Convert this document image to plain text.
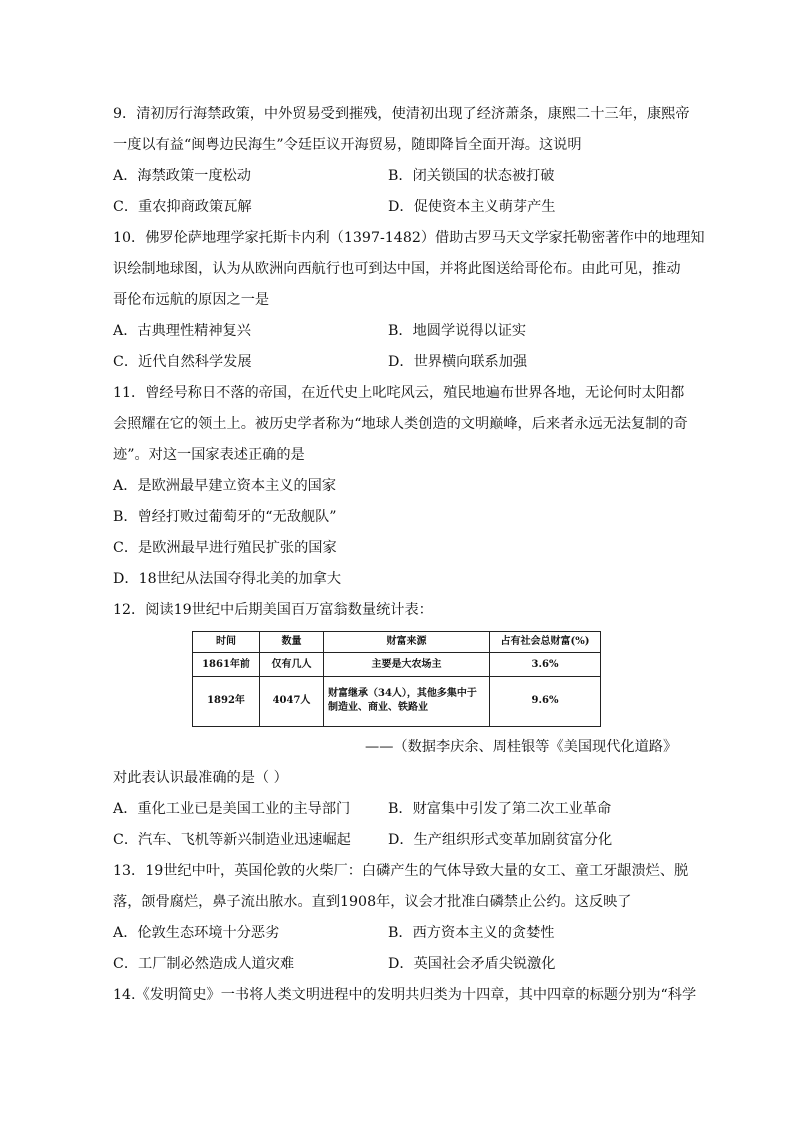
9．清初厉行海禁政策，中外贸易受到摧残，使清初出现了经济萧条，康熙二十三年，康熙帝
一度以有益“闽粤边民海生”令廷臣议开海贸易，随即降旨全面开海。这说明
A．海禁政策一度松动	B．闭关锁国的状态被打破
C．重农抑商政策瓦解	D．促使资本主义萌芽产生
10．佛罗伦萨地理学家托斯卡内利（1397-1482）借助古罗马天文学家托勒密著作中的地理知
识绘制地球图，认为从欧洲向西航行也可到达中国，并将此图送给哥伦布。由此可见，推动
哥伦布远航的原因之一是
A．古典理性精神复兴	B．地圆学说得以证实
C．近代自然科学发展	D．世界横向联系加强
11．曾经号称日不落的帝国，在近代史上叱咤风云，殖民地遍布世界各地，无论何时太阳都
会照耀在它的领土上。被历史学者称为“地球人类创造的文明巅峰，后来者永远无法复制的奇
迹”。对这一国家表述正确的是
A．是欧洲最早建立资本主义的国家
B．曾经打败过葡萄牙的“无敌舰队”
C．是欧洲最早进行殖民扩张的国家
D．18世纪从法国夺得北美的加拿大
12．阅读19世纪中后期美国百万富翁数量统计表：
时间	数量	财富来源	占有社会总财富(%)
1861年前	仅有几人	主要是大农场主	3.6%
1892年	4047人	财富继承（34人），其他多集中于制造业、商业、铁路业	9.6%
——（数据李庆余、周桂银等《美国现代化道路》
对此表认识最准确的是（ ）
A．重化工业已是美国工业的主导部门	B．财富集中引发了第二次工业革命
C．汽车、飞机等新兴制造业迅速崛起	D．生产组织形式变革加剧贫富分化
13．19世纪中叶，英国伦敦的火柴厂：白磷产生的气体导致大量的女工、童工牙龈溃烂、脱
落，颌骨腐烂，鼻子流出脓水。直到1908年，议会才批准白磷禁止公约。这反映了
A．伦敦生态环境十分恶劣	B．西方资本主义的贪婪性
C．工厂制必然造成人道灾难	D．英国社会矛盾尖锐激化
14.《发明简史》一书将人类文明进程中的发明共归类为十四章，其中四章的标题分别为“科学
